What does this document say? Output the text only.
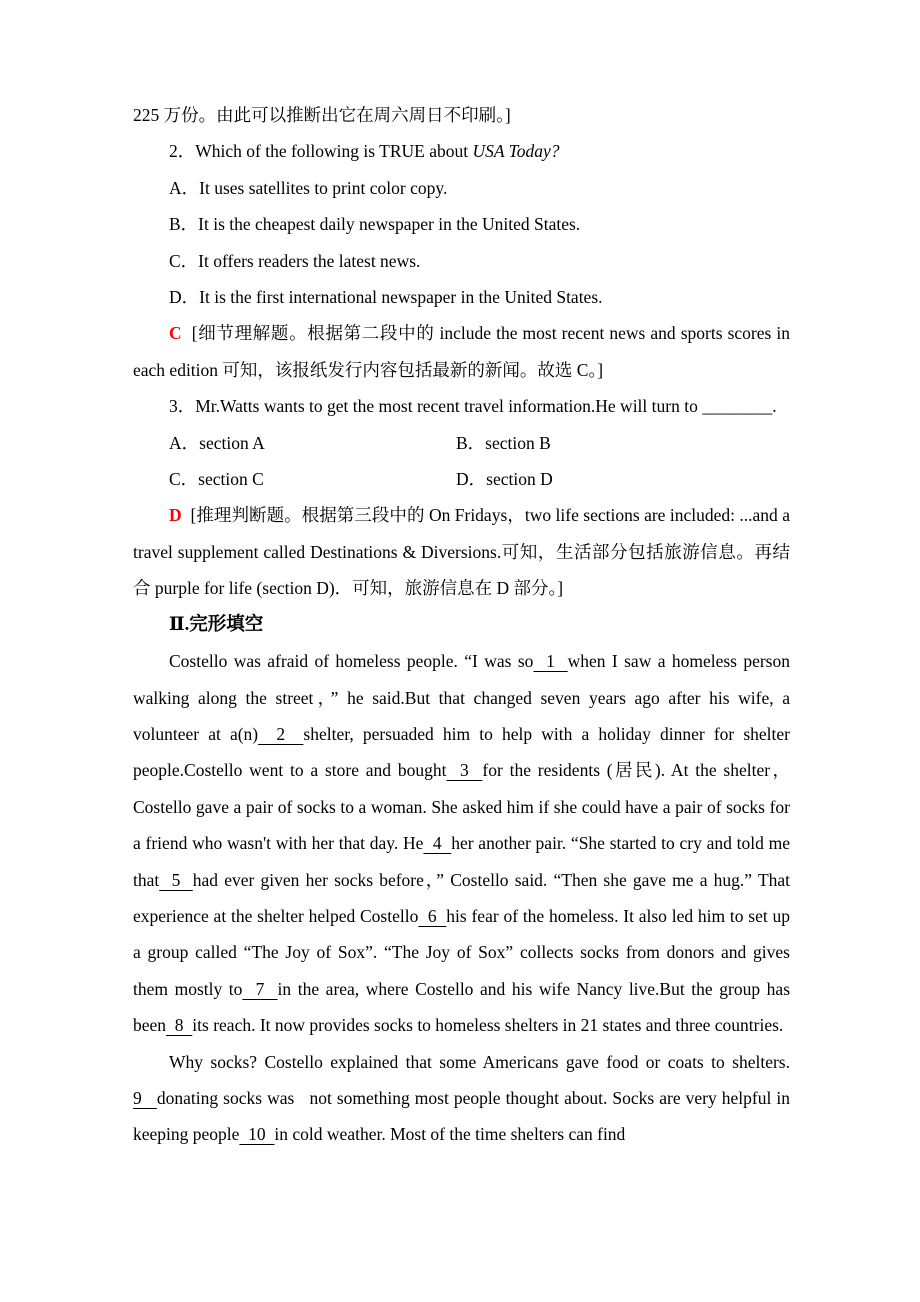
225 万份。由此可以推断出它在周六周日不印刷。]

2．Which of the following is TRUE about USA Today?

A．It uses satellites to print color copy.

B．It is the cheapest daily newspaper in the United States.

C．It offers readers the latest news.

D．It is the first international newspaper in the United States.

C  [细节理解题。根据第二段中的 include the most recent news and sports scores in each edition 可知，该报纸发行内容包括最新的新闻。故选 C。]

3．Mr.Watts wants to get the most recent travel information.He will turn to ________.

A．section A	B．section B

C．section C	D．section D

D  [推理判断题。根据第三段中的 On Fridays，two life sections are included: ...and a travel supplement called Destinations & Diversions.可知，生活部分包括旅游信息。再结合 purple for life (section D)．可知，旅游信息在 D 部分。]

Ⅱ.完形填空

Costello was afraid of homeless people. “I was so  1  when I saw a homeless person walking along the street，” he said.But that changed seven years ago after his wife, a volunteer at a(n)  2  shelter, persuaded him to help with a holiday dinner for shelter people.Costello went to a store and bought  3  for the residents (居民). At the shelter，Costello gave a pair of socks to a woman. She asked him if she could have a pair of socks for a friend who wasn't with her that day. He  4  her another pair. “She started to cry and told me that  5  had ever given her socks before，” Costello said. “Then she gave me a hug.” That experience at the shelter helped Costello  6  his fear of the homeless. It also led him to set up a group called “The Joy of Sox”. “The Joy of Sox” collects socks from donors and gives them mostly to  7  in the area, where Costello and his wife Nancy live.But the group has been  8  its reach. It now provides socks to homeless shelters in 21 states and three countries.

Why socks? Costello explained that some Americans gave food or coats to shelters. 9   donating socks was   not something most people thought about. Socks are very helpful in keeping people  10  in cold weather. Most of the time shelters can find
